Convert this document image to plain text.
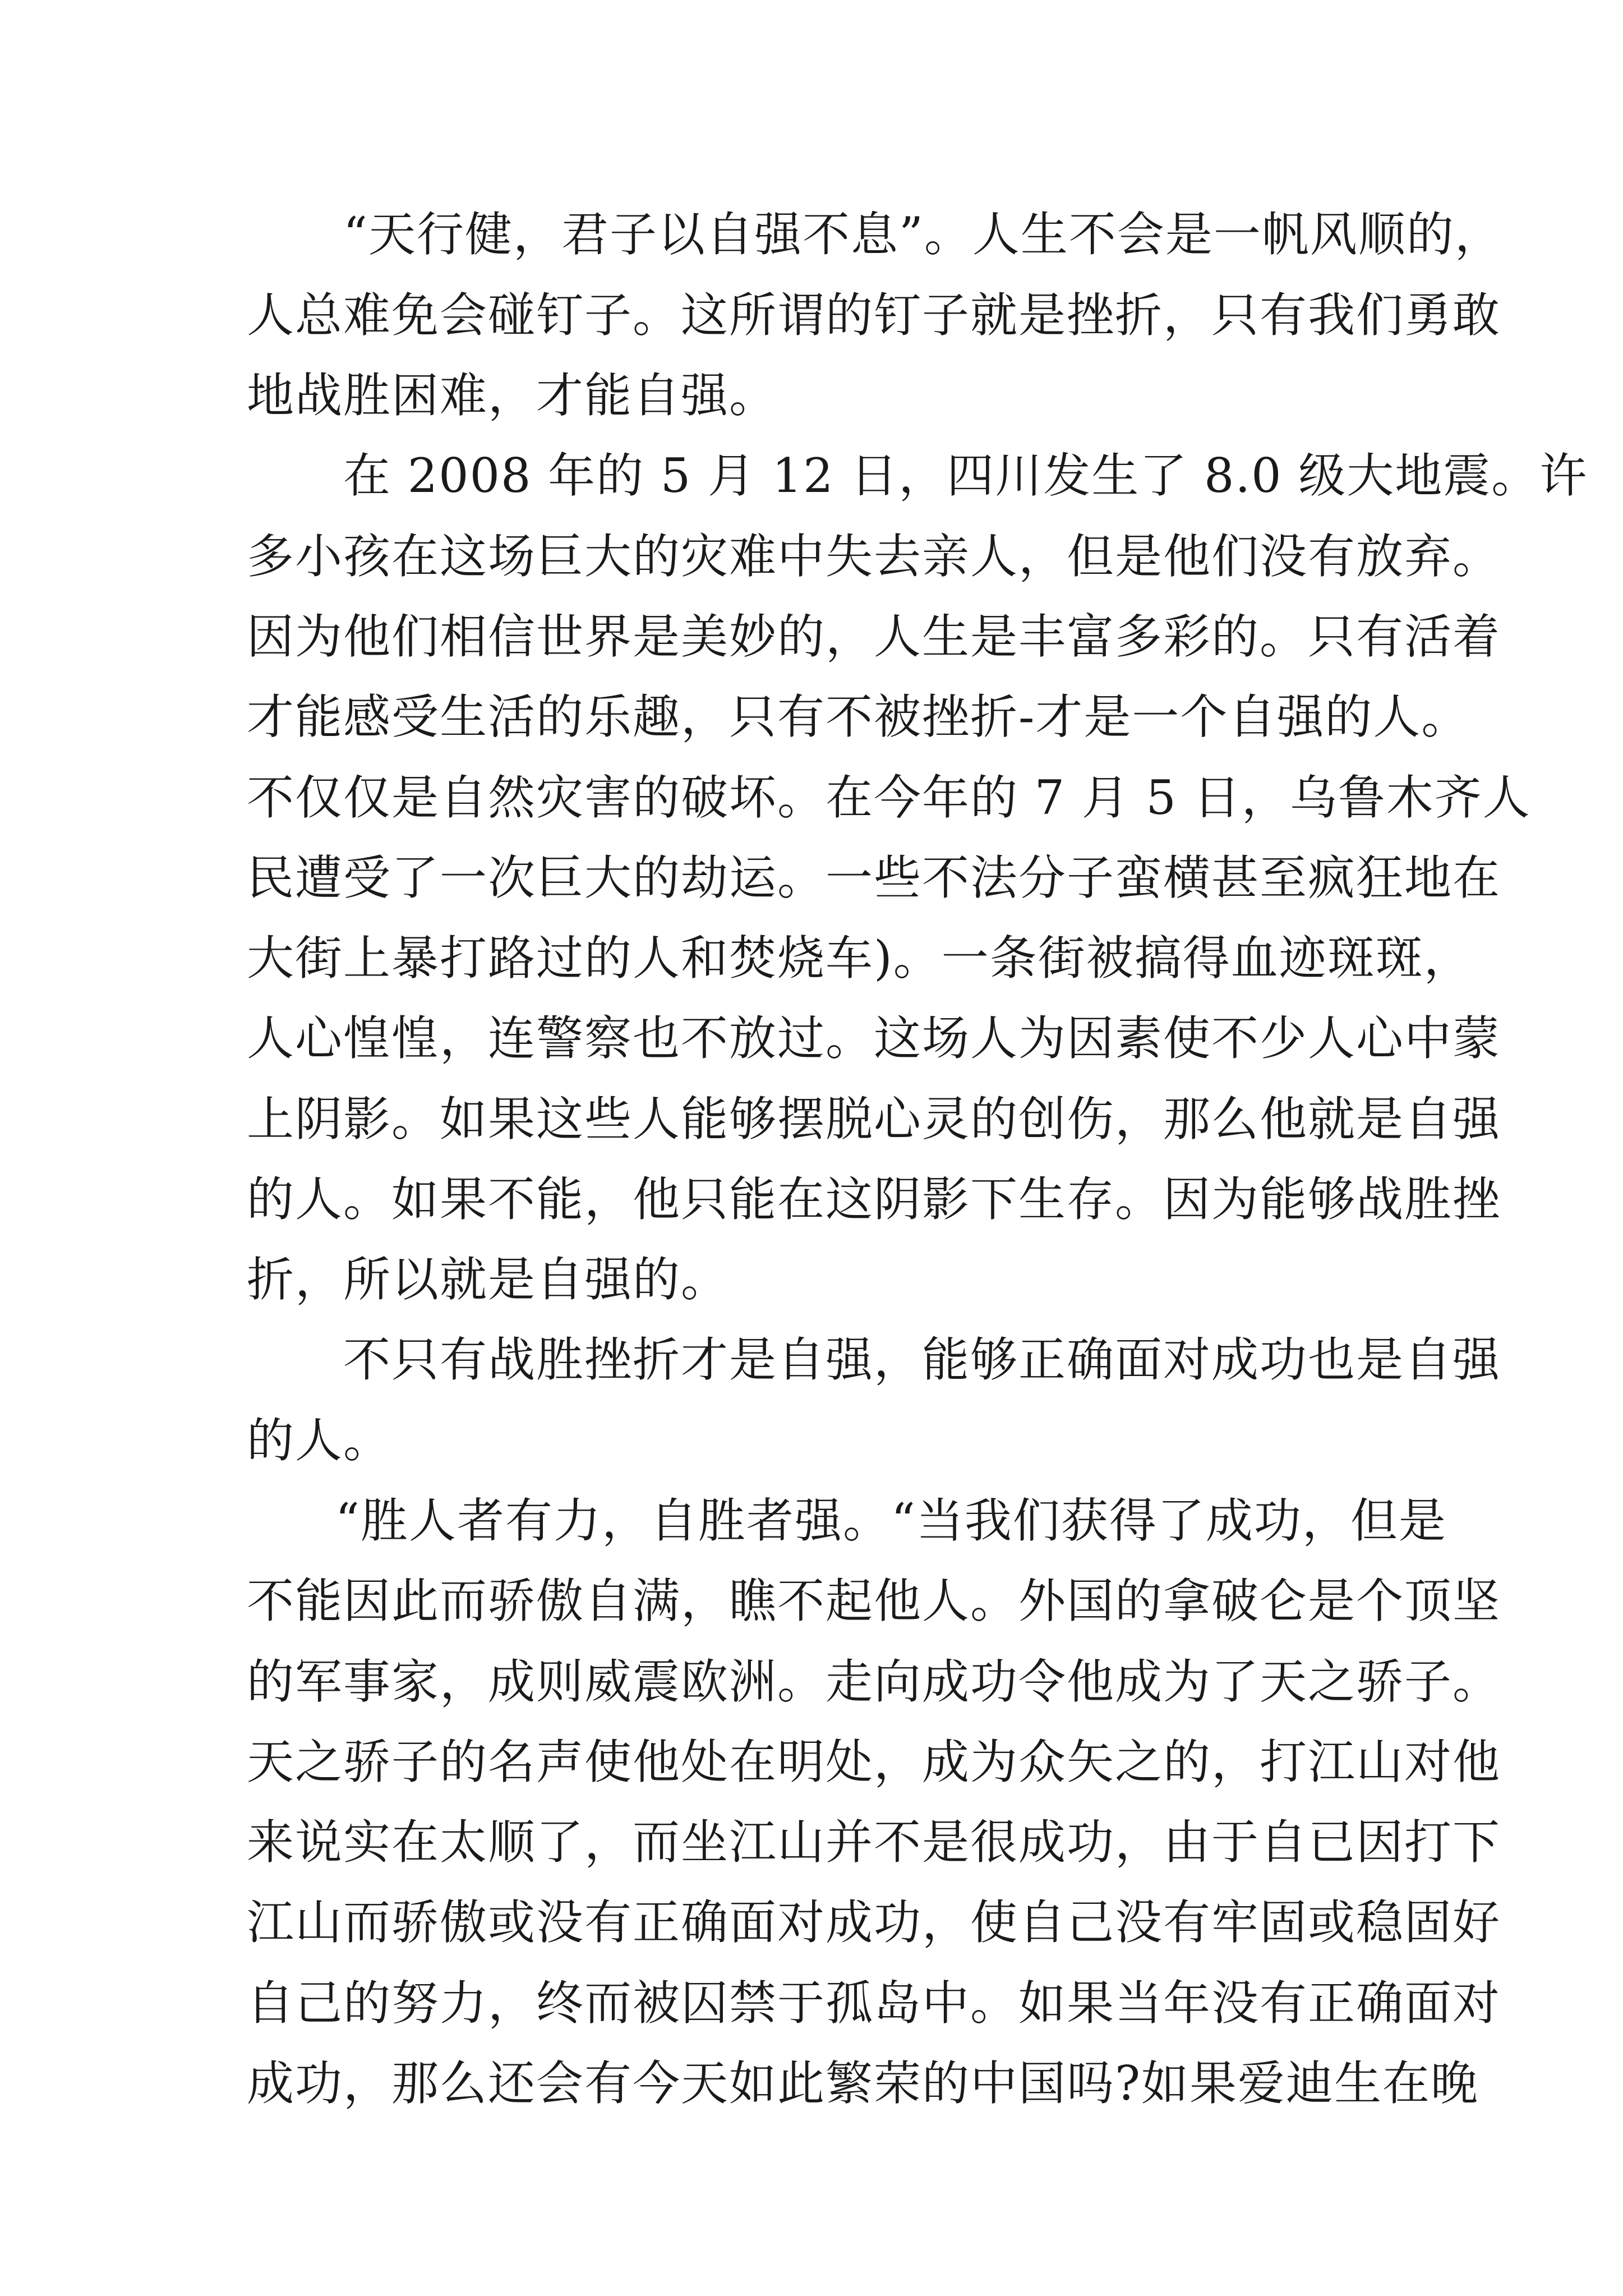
“天行健，君子以自强不息”。人生不会是一帆风顺的，
人总难免会碰钉子。这所谓的钉子就是挫折，只有我们勇敢
地战胜困难，才能自强。
在 2008 年的 5 月 12 日，四川发生了 8.0 级大地震。许
多小孩在这场巨大的灾难中失去亲人，但是他们没有放弃。
因为他们相信世界是美妙的，人生是丰富多彩的。只有活着
才能感受生活的乐趣，只有不被挫折-才是一个自强的人。
不仅仅是自然灾害的破坏。在今年的 7 月 5 日，乌鲁木齐人
民遭受了一次巨大的劫运。一些不法分子蛮横甚至疯狂地在
大街上暴打路过的人和焚烧车)。一条街被搞得血迹斑斑，
人心惶惶，连警察也不放过。这场人为因素使不少人心中蒙
上阴影。如果这些人能够摆脱心灵的创伤，那么他就是自强
的人。如果不能，他只能在这阴影下生存。因为能够战胜挫
折，所以就是自强的。
不只有战胜挫折才是自强，能够正确面对成功也是自强
的人。
“胜人者有力，自胜者强。“当我们获得了成功，但是
不能因此而骄傲自满，瞧不起他人。外国的拿破仑是个顶坚
的军事家，成则威震欧洲。走向成功令他成为了天之骄子。
天之骄子的名声使他处在明处，成为众矢之的，打江山对他
来说实在太顺了，而坐江山并不是很成功，由于自已因打下
江山而骄傲或没有正确面对成功，使自己没有牢固或稳固好
自己的努力，终而被囚禁于孤岛中。如果当年没有正确面对
成功，那么还会有今天如此繁荣的中国吗?如果爱迪生在晚
